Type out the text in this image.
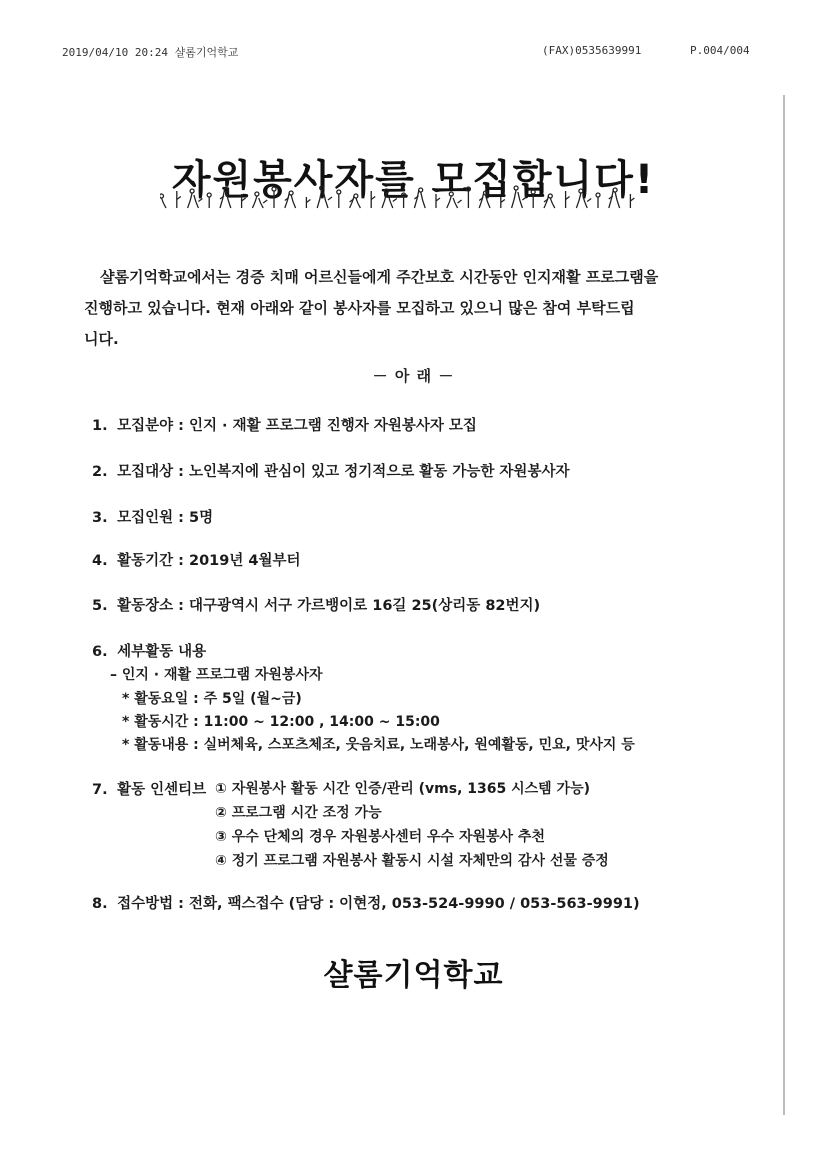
2019/04/10 20:24 샬롬기억학교	(FAX)0535639991	P.004/004
자원봉사자를 모집합니다!

샬롬기억학교에서는 경증 치매 어르신들에게 주간보호 시간동안 인지재활 프로그램을

진행하고 있습니다. 현재 아래와 같이 봉사자를 모집하고 있으니 많은 참여 부탁드립

니다.

－ 아 래 －
1. 모집분야 : 인지 · 재활 프로그램 진행자 자원봉사자 모집
2. 모집대상 : 노인복지에 관심이 있고 정기적으로 활동 가능한 자원봉사자
3. 모집인원 : 5명
4. 활동기간 : 2019년 4월부터
5. 활동장소 : 대구광역시 서구 가르뱅이로 16길 25(상리동 82번지)
6. 세부활동 내용
– 인지 · 재활 프로그램 자원봉사자
* 활동요일 : 주 5일 (월~금)
* 활동시간 : 11:00 ~ 12:00 , 14:00 ~ 15:00
* 활동내용 : 실버체육, 스포츠체조, 웃음치료, 노래봉사, 원예활동, 민요, 맛사지 등
7. 활동 인센티브 ① 자원봉사 활동 시간 인증/관리 (vms, 1365 시스템 가능)
② 프로그램 시간 조정 가능
③ 우수 단체의 경우 자원봉사센터 우수 자원봉사 추천
④ 정기 프로그램 자원봉사 활동시 시설 자체만의 감사 선물 증정
8. 접수방법 : 전화, 팩스접수 (담당 : 이현정, 053-524-9990 / 053-563-9991)
샬롬기억학교
